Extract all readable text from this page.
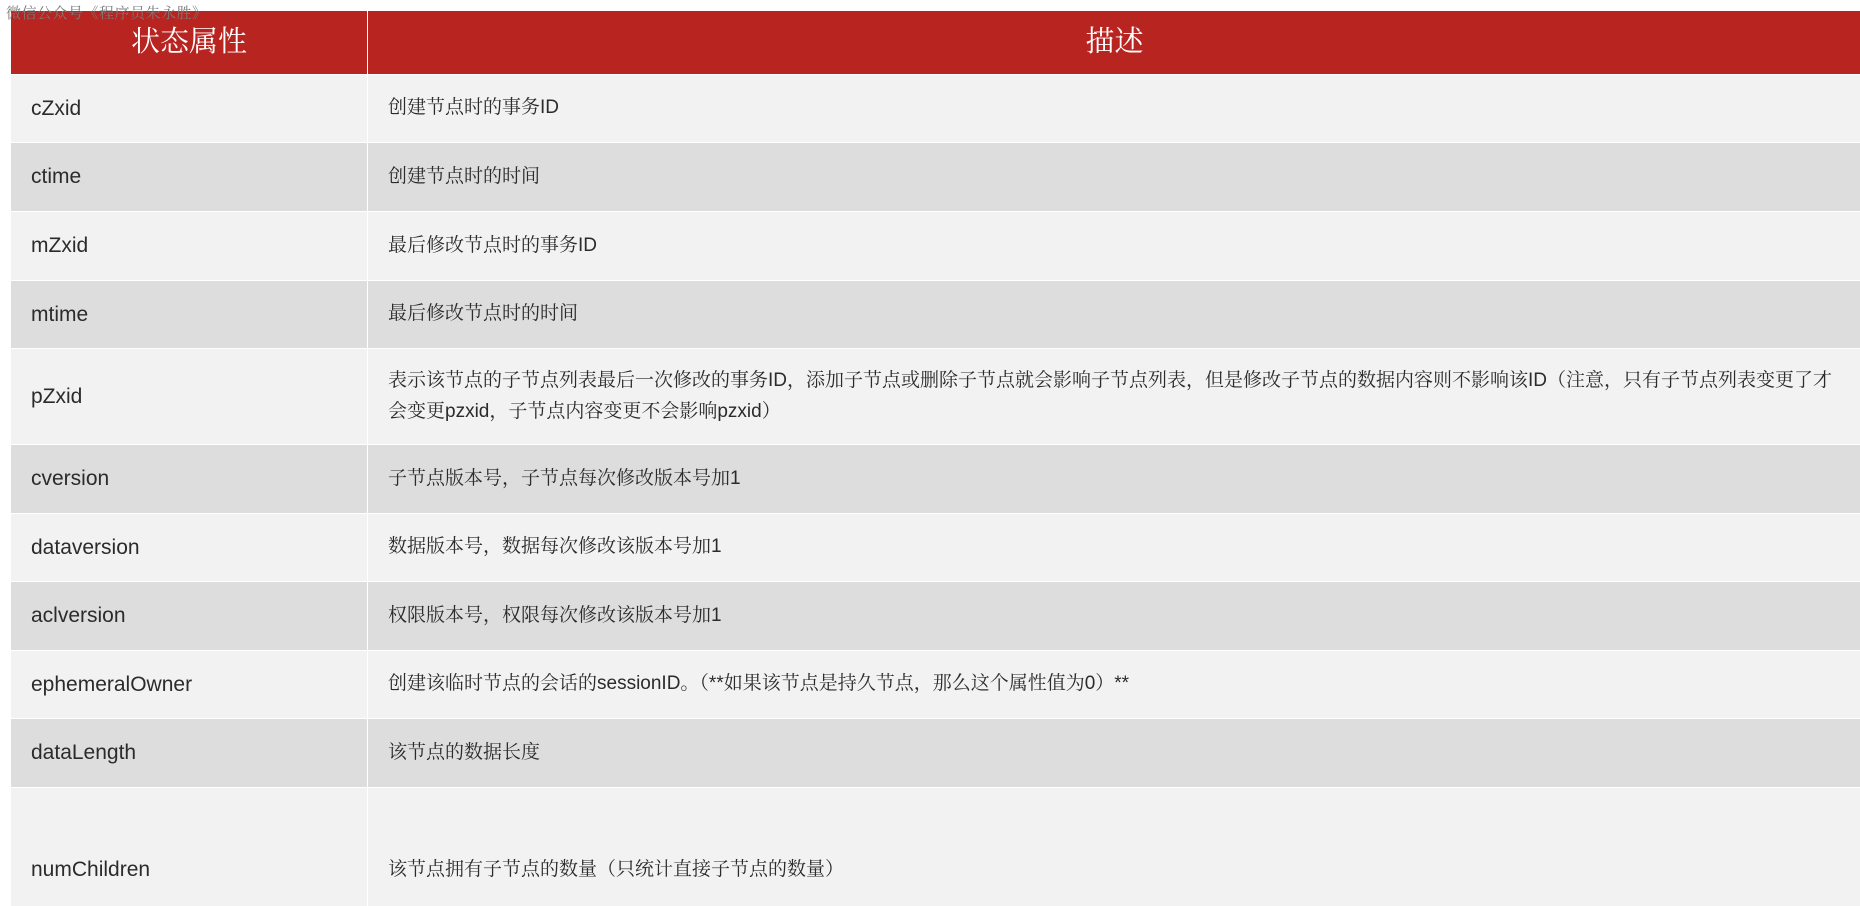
微信公众号《程序员朱永胜》
状态属性	描述
cZxid	创建节点时的事务ID
ctime	创建节点时的时间
mZxid	最后修改节点时的事务ID
mtime	最后修改节点时的时间
pZxid	表示该节点的子节点列表最后一次修改的事务ID，添加子节点或删除子节点就会影响子节点列表，但是修改子节点的数据内容则不影响该ID（注意，只有子节点列表变更了才会变更pzxid，子节点内容变更不会影响pzxid）
cversion	子节点版本号，子节点每次修改版本号加1
dataversion	数据版本号，数据每次修改该版本号加1
aclversion	权限版本号，权限每次修改该版本号加1
ephemeralOwner	创建该临时节点的会话的sessionID。（**如果该节点是持久节点，那么这个属性值为0）**
dataLength	该节点的数据长度
numChildren	该节点拥有子节点的数量（只统计直接子节点的数量）
